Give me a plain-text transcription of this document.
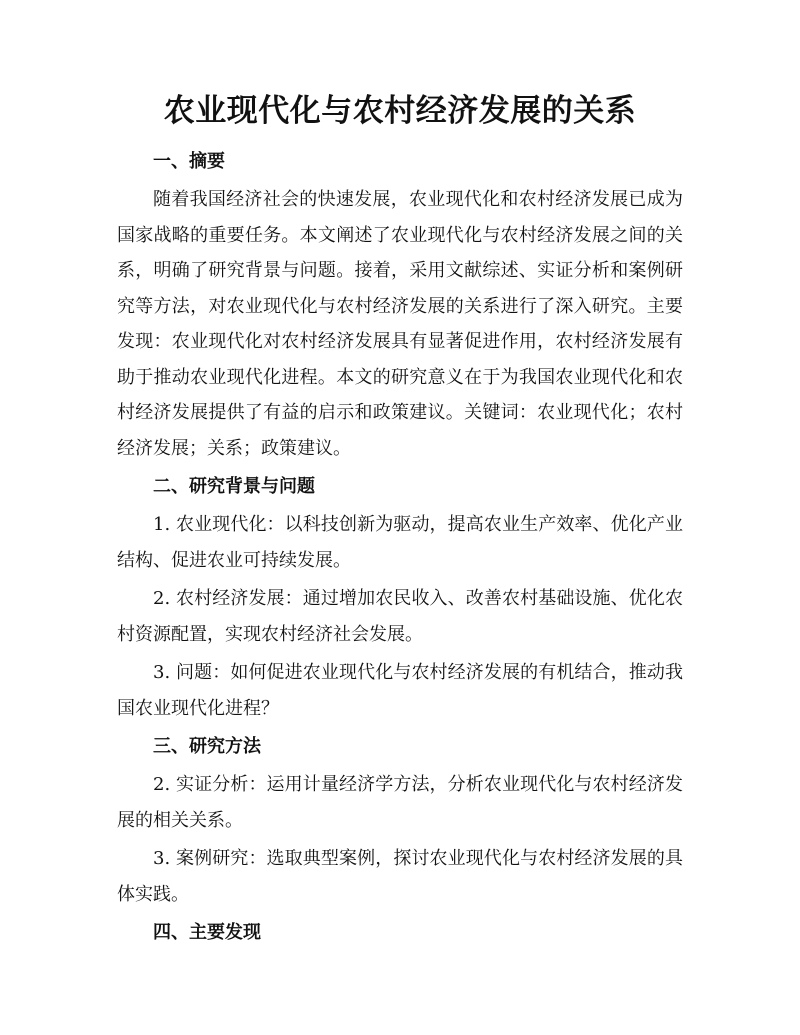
农业现代化与农村经济发展的关系
一、摘要
随着我国经济社会的快速发展，农业现代化和农村经济发展已成为国家战略的重要任务。本文阐述了农业现代化与农村经济发展之间的关系，明确了研究背景与问题。接着，采用文献综述、实证分析和案例研究等方法，对农业现代化与农村经济发展的关系进行了深入研究。主要发现：农业现代化对农村经济发展具有显著促进作用，农村经济发展有助于推动农业现代化进程。本文的研究意义在于为我国农业现代化和农村经济发展提供了有益的启示和政策建议。关键词：农业现代化；农村经济发展；关系；政策建议。
二、研究背景与问题
1. 农业现代化：以科技创新为驱动，提高农业生产效率、优化产业结构、促进农业可持续发展。
2. 农村经济发展：通过增加农民收入、改善农村基础设施、优化农村资源配置，实现农村经济社会发展。
3. 问题：如何促进农业现代化与农村经济发展的有机结合，推动我国农业现代化进程？
三、研究方法
2. 实证分析：运用计量经济学方法，分析农业现代化与农村经济发展的相关关系。
3. 案例研究：选取典型案例，探讨农业现代化与农村经济发展的具体实践。
四、主要发现
